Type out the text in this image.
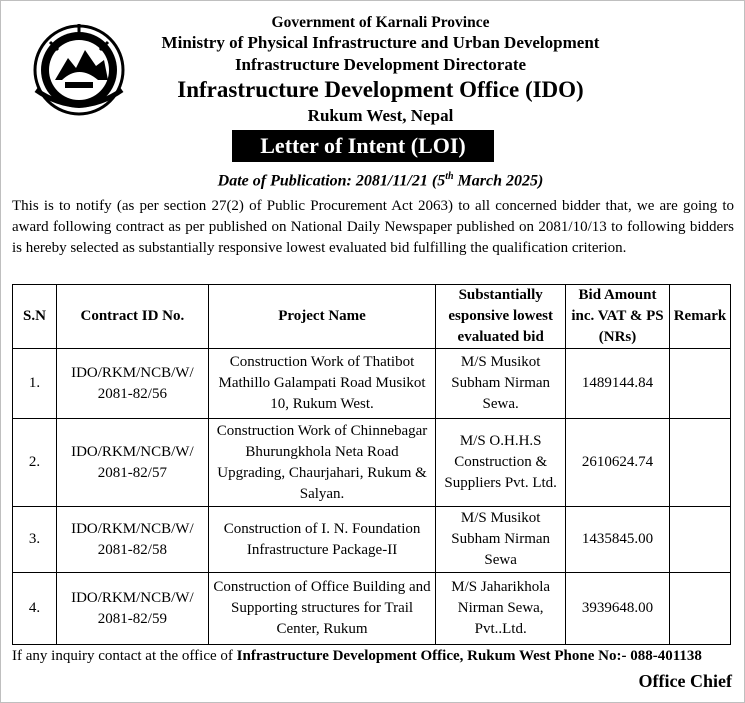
Government of Karnali Province
Ministry of Physical Infrastructure and Urban Development
Infrastructure Development Directorate
Infrastructure Development Office (IDO)
Rukum West, Nepal
Letter of Intent (LOI)
Date of Publication: 2081/11/21 (5th March 2025)
This is to notify (as per section 27(2) of Public Procurement Act 2063) to all concerned bidder that, we are going to award following contract as per published on National Daily Newspaper published on 2081/10/13 to following bidders is hereby selected as substantially responsive lowest evaluated bid fulfilling the qualification criterion.
S.N	Contract ID No.	Project Name	Substantially esponsive lowest evaluated bid	Bid Amount inc. VAT & PS (NRs)	Remark
1.	IDO/RKM/NCB/W/ 2081-82/56	Construction Work of Thatibot Mathillo Galampati Road Musikot 10, Rukum West.	M/S Musikot Subham Nirman Sewa.	1489144.84	
2.	IDO/RKM/NCB/W/ 2081-82/57	Construction Work of Chinnebagar Bhurungkhola Neta Road Upgrading, Chaurjahari, Rukum & Salyan.	M/S O.H.H.S Construction & Suppliers Pvt. Ltd.	2610624.74	
3.	IDO/RKM/NCB/W/ 2081-82/58	Construction of I. N. Foundation Infrastructure Package-II	M/S Musikot Subham Nirman Sewa	1435845.00	
4.	IDO/RKM/NCB/W/ 2081-82/59	Construction of Office Building and Supporting structures for Trail Center, Rukum	M/S Jaharikhola Nirman Sewa, Pvt..Ltd.	3939648.00	
If any inquiry contact at the office of Infrastructure Development Office, Rukum West Phone No:- 088-401138
Office Chief
